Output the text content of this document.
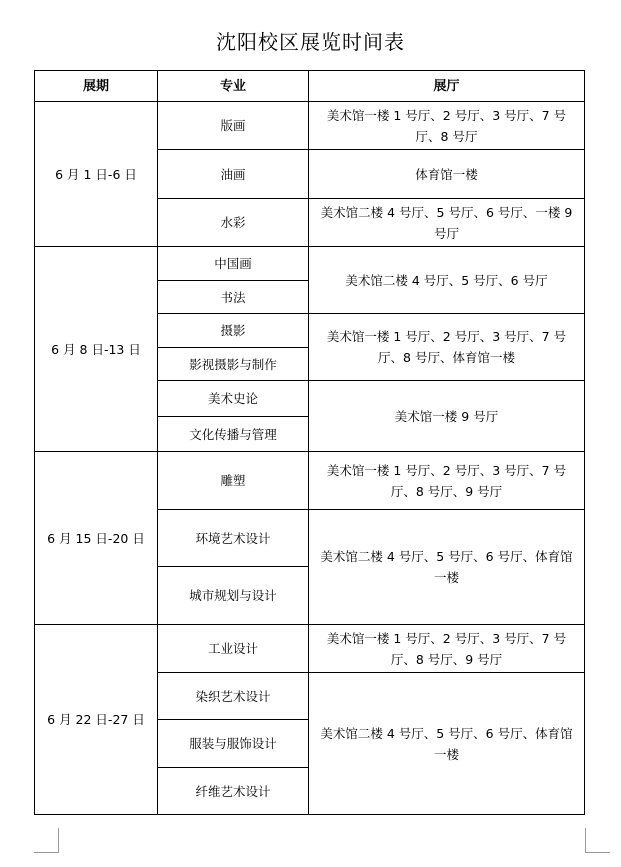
沈阳校区展览时间表
展期	专业	展厅
6 月 1 日-6 日	版画	美术馆一楼 1 号厅、2 号厅、3 号厅、7 号厅、8 号厅
	油画	体育馆一楼
	水彩	美术馆二楼 4 号厅、5 号厅、6 号厅、一楼 9 号厅
6 月 8 日-13 日	中国画	美术馆二楼 4 号厅、5 号厅、6 号厅
	书法	
	摄影	美术馆一楼 1 号厅、2 号厅、3 号厅、7 号厅、8 号厅、体育馆一楼
	影视摄影与制作	
	美术史论	美术馆一楼 9 号厅
	文化传播与管理	
6 月 15 日-20 日	雕塑	美术馆一楼 1 号厅、2 号厅、3 号厅、7 号厅、8 号厅、9 号厅
	环境艺术设计	美术馆二楼 4 号厅、5 号厅、6 号厅、体育馆一楼
	城市规划与设计	
6 月 22 日-27 日	工业设计	美术馆一楼 1 号厅、2 号厅、3 号厅、7 号厅、8 号厅、9 号厅
	染织艺术设计	美术馆二楼 4 号厅、5 号厅、6 号厅、体育馆一楼
	服装与服饰设计	
	纤维艺术设计	
